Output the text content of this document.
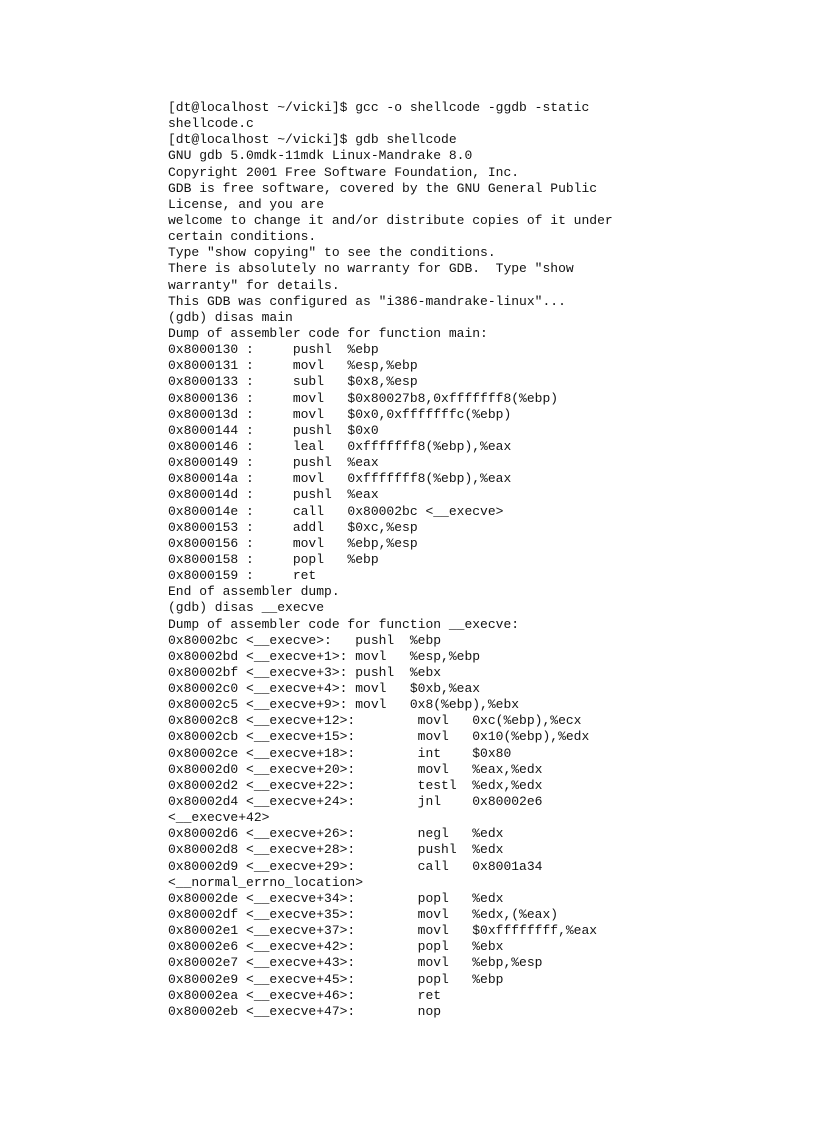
[dt@localhost ~/vicki]$ gcc -o shellcode -ggdb -static
shellcode.c
[dt@localhost ~/vicki]$ gdb shellcode
GNU gdb 5.0mdk-11mdk Linux-Mandrake 8.0
Copyright 2001 Free Software Foundation, Inc.
GDB is free software, covered by the GNU General Public
License, and you are
welcome to change it and/or distribute copies of it under
certain conditions.
Type "show copying" to see the conditions.
There is absolutely no warranty for GDB.  Type "show
warranty" for details.
This GDB was configured as "i386-mandrake-linux"...
(gdb) disas main
Dump of assembler code for function main:
0x8000130 :     pushl  %ebp
0x8000131 :     movl   %esp,%ebp
0x8000133 :     subl   $0x8,%esp
0x8000136 :     movl   $0x80027b8,0xfffffff8(%ebp)
0x800013d :     movl   $0x0,0xfffffffc(%ebp)
0x8000144 :     pushl  $0x0
0x8000146 :     leal   0xfffffff8(%ebp),%eax
0x8000149 :     pushl  %eax
0x800014a :     movl   0xfffffff8(%ebp),%eax
0x800014d :     pushl  %eax
0x800014e :     call   0x80002bc <__execve>
0x8000153 :     addl   $0xc,%esp
0x8000156 :     movl   %ebp,%esp
0x8000158 :     popl   %ebp
0x8000159 :     ret
End of assembler dump.
(gdb) disas __execve
Dump of assembler code for function __execve:
0x80002bc <__execve>:   pushl  %ebp
0x80002bd <__execve+1>: movl   %esp,%ebp
0x80002bf <__execve+3>: pushl  %ebx
0x80002c0 <__execve+4>: movl   $0xb,%eax
0x80002c5 <__execve+9>: movl   0x8(%ebp),%ebx
0x80002c8 <__execve+12>:        movl   0xc(%ebp),%ecx
0x80002cb <__execve+15>:        movl   0x10(%ebp),%edx
0x80002ce <__execve+18>:        int    $0x80
0x80002d0 <__execve+20>:        movl   %eax,%edx
0x80002d2 <__execve+22>:        testl  %edx,%edx
0x80002d4 <__execve+24>:        jnl    0x80002e6
<__execve+42>
0x80002d6 <__execve+26>:        negl   %edx
0x80002d8 <__execve+28>:        pushl  %edx
0x80002d9 <__execve+29>:        call   0x8001a34
<__normal_errno_location>
0x80002de <__execve+34>:        popl   %edx
0x80002df <__execve+35>:        movl   %edx,(%eax)
0x80002e1 <__execve+37>:        movl   $0xffffffff,%eax
0x80002e6 <__execve+42>:        popl   %ebx
0x80002e7 <__execve+43>:        movl   %ebp,%esp
0x80002e9 <__execve+45>:        popl   %ebp
0x80002ea <__execve+46>:        ret
0x80002eb <__execve+47>:        nop
